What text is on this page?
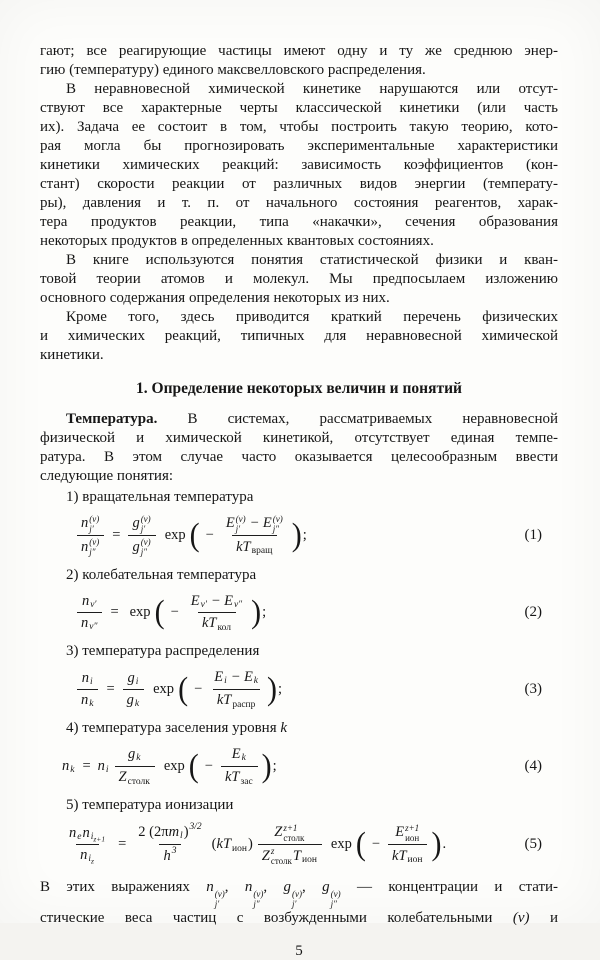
гают; все реагирующие частицы имеют одну и ту же среднюю энер-
гию (температуру) единого максвелловского распределения.
В неравновесной химической кинетике нарушаются или отсут-
ствуют все характерные черты классической кинетики (или часть
их). Задача ее состоит в том, чтобы построить такую теорию, кото-
рая могла бы прогнозировать экспериментальные характеристики
кинетики химических реакций: зависимость коэффициентов (кон-
стант) скорости реакции от различных видов энергии (температу-
ры), давления и т. п. от начального состояния реагентов, харак-
тера продуктов реакции, типа «накачки», сечения образования
некоторых продуктов в определенных квантовых состояниях.
В книге используются понятия статистической физики и кван-
товой теории атомов и молекул. Мы предпосылаем изложению
основного содержания определения некоторых из них.
Кроме того, здесь приводится краткий перечень физических
и химических реакций, типичных для неравновесной химической
кинетики.
1. Определение некоторых величин и понятий
Температура. В системах, рассматриваемых неравновесной
физической и химической кинетикой, отсутствует единая темпе-
ратура. В этом случае часто оказывается целесообразным ввести
следующие понятия:
1) вращательная температура
n (v)
j′
n (v)
j″ = g (v)
j′
g (v)
j″ exp ( − E (v)
j′ − E (v)
j″
kT вращ ) ;	(1)
2) колебательная температура
$\frac{\text{n v′}}{\text{n v″}} = \exp$ ( − $\frac{\text{E v′ − E v″}}{\text{kT кол}}$ ) ;	(2)
3) температура распределения
$\frac{\text{n i}}{\text{n k}} = \frac{\text{g i}}{\text{g k}}$ exp ( − $\frac{\text{E i − E k}}{\text{kT распр}}$ ) ;	(3)
4) температура заселения уровня k
n k = n i $\frac{\text{g k}}{\text{Z столк}}$ exp ( − $\frac{\text{E k}}{\text{kT зас}}$ ) ;	(4)
5) температура ионизации
$\frac{n e n i_{z+1}}{n i_z} = \frac{\text{2 (2π m l ) 3/2}}{h 3}$ ( kT ион ) Z z+1
столк
Z z
столк T ион exp ( − E z+1
ион
kT ион ) .	(5)
В этих выражениях n (v)
j′
, n (v)
j″
, g (v)
j′
, g (v)
j″
— концентрации и стати-
стические веса частиц с возбужденными колебательными (v) и
5
